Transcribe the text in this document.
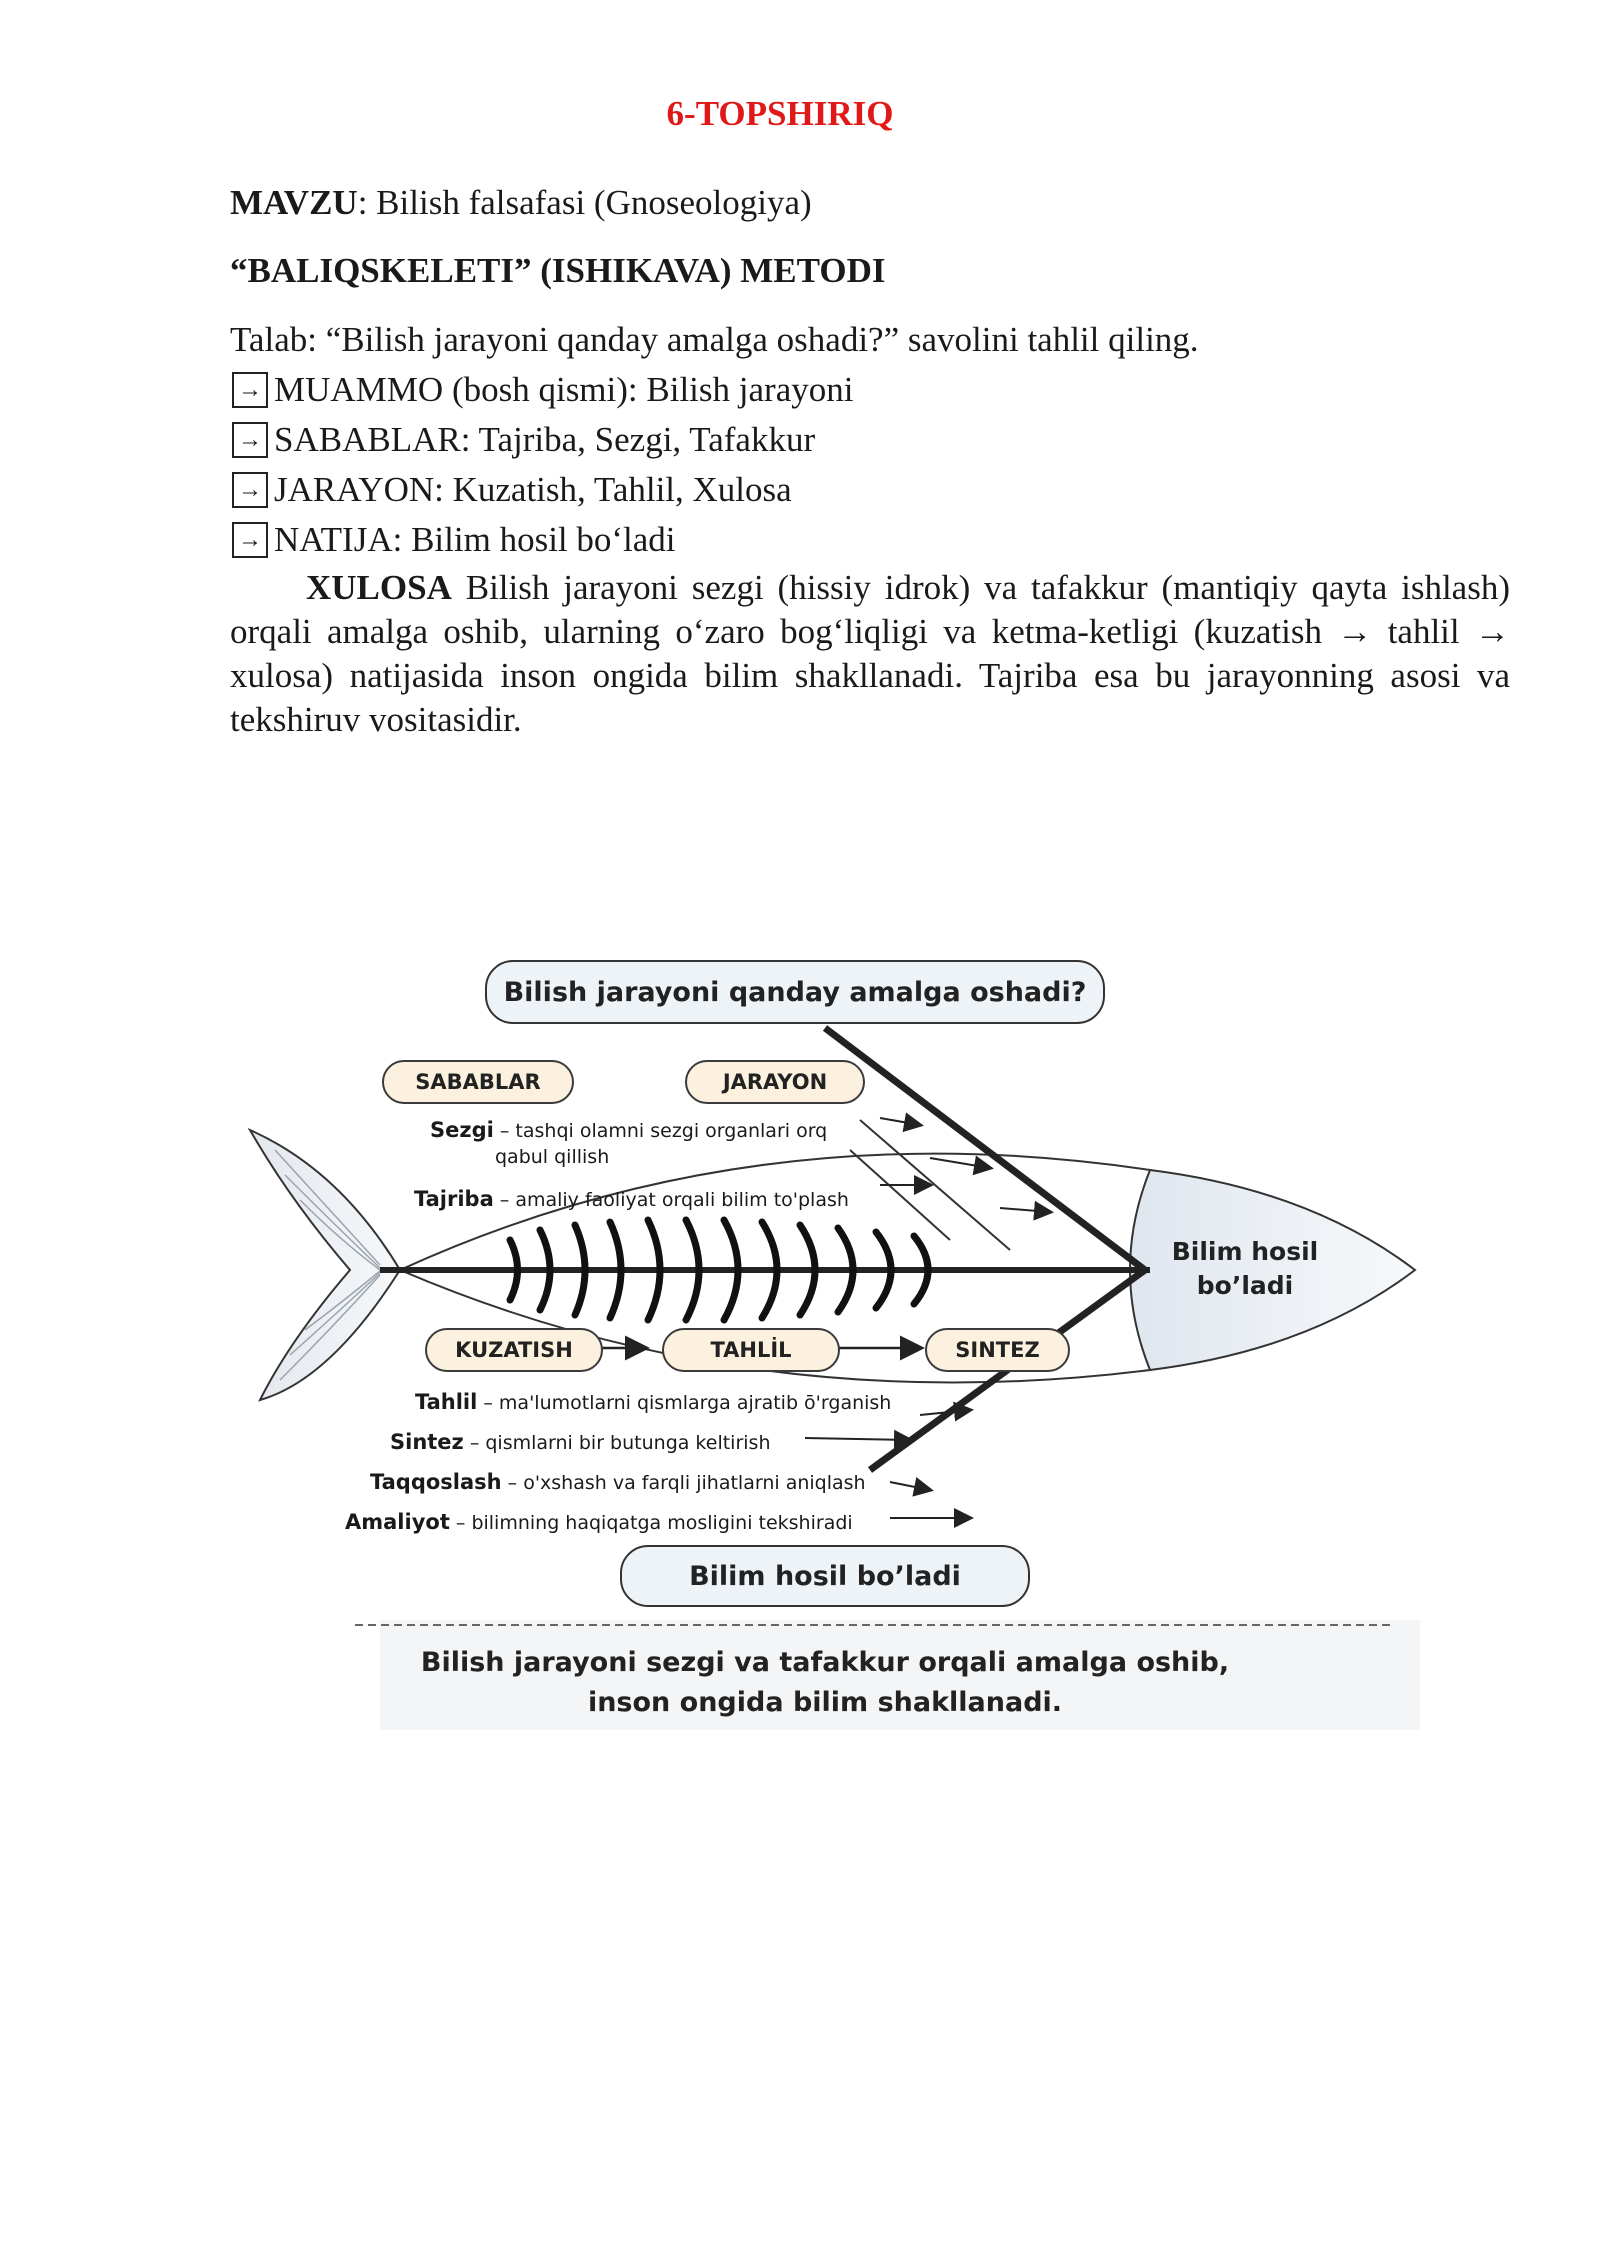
6-TOPSHIRIQ
MAVZU: Bilish falsafasi (Gnoseologiya)
“BALIQSKELETI” (ISHIKAVA) METODI
Talab: “Bilish jarayoni qanday amalga oshadi?” savolini tahlil qiling.
→ MUAMMO (bosh qismi): Bilish jarayoni
→ SABABLAR: Tajriba, Sezgi, Tafakkur
→ JARAYON: Kuzatish, Tahlil, Xulosa
→ NATIJA: Bilim hosil bo‘ladi
XULOSA Bilish jarayoni sezgi (hissiy idrok) va tafakkur (mantiqiy qayta ishlash) orqali amalga oshib, ularning o‘zaro bog‘liqligi va ketma-ketligi (kuzatish → tahlil → xulosa) natijasida inson ongida bilim shakllanadi. Tajriba esa bu jarayonning asosi va tekshiruv vositasidir.
Bilish jarayoni qanday amalga oshadi?
SABABLAR	JARAYON
Sezgi – tashqi olamni sezgi organlari orq
qabul qillish
Tajriba – amaliy faoliyat orqali bilim to'plash
Bilim hosil
bo’ladi
KUZATISH	TAHLİL	SINTEZ
Tahlil – ma'lumotlarni qismlarga ajratib ō'rganish
Sintez – qismlarni bir butunga keltirish
Taqqoslash – o'xshash va farqli jihatlarni aniqlash
Amaliyot – bilimning haqiqatga mosligini tekshiradi
Bilim hosil bo’ladi
Bilish jarayoni sezgi va tafakkur orqali amalga oshib,
inson ongida bilim shakllanadi.
